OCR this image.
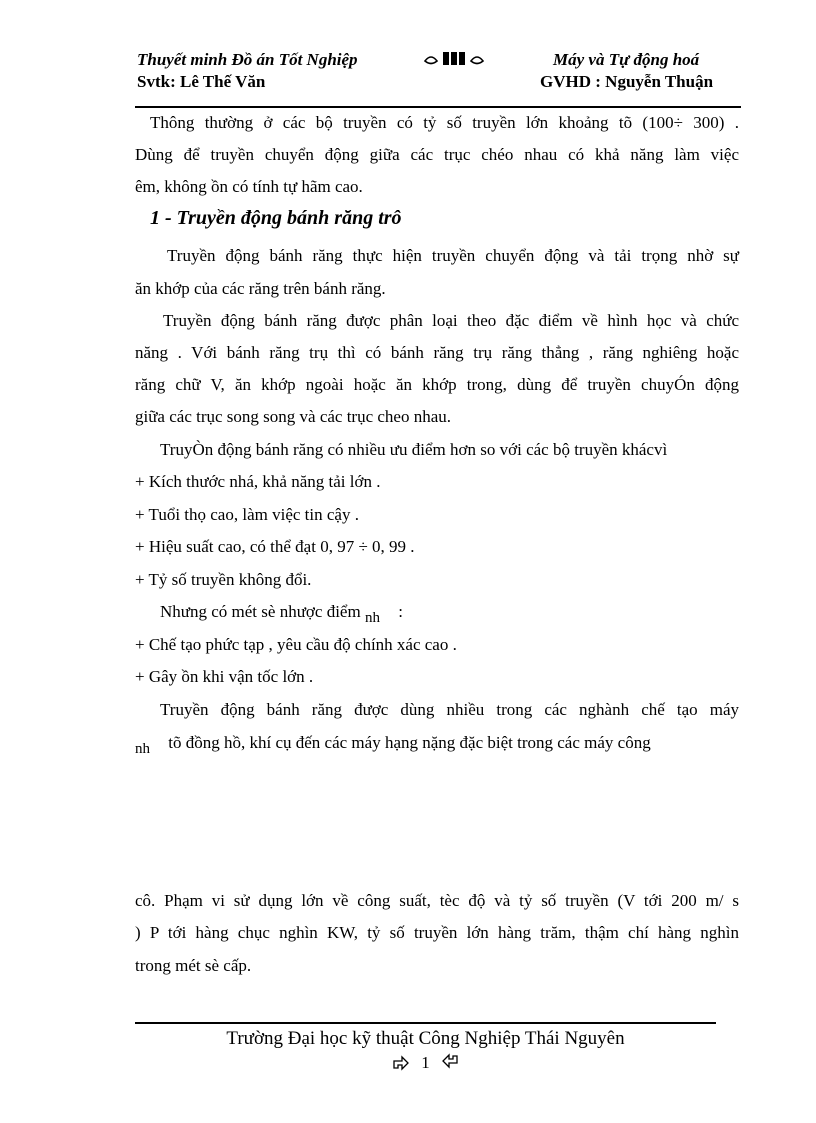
Thuyết minh Đồ án Tốt Nghiệp
Svtk: Lê Thế Văn
Máy và Tự động hoá
GVHD : Nguyễn Thuận
Thông thường ở các bộ truyền có tỷ số truyền lớn khoảng tõ (100÷ 300) .
Dùng để truyền chuyển động giữa các trục chéo nhau có khả năng làm việc
êm, không ồn có tính tự hãm cao.
1 - Truyền động bánh răng trô
Truyền động bánh răng thực hiện truyền chuyển động và tải trọng nhờ sự
ăn khớp của các răng trên bánh răng.
Truyền động bánh răng được phân loại theo đặc điểm về hình học và chức
năng . Với bánh răng trụ thì có bánh răng trụ răng thẳng , răng nghiêng hoặc
răng chữ V, ăn khớp ngoài hoặc ăn khớp trong, dùng để truyền chuyÓn động
giữa các trục song song và các trục cheo nhau.
TruyÒn động bánh răng có nhiều ưu điểm hơn so với các bộ truyền khácvì
+ Kích thước nhá, khả năng tải lớn .
+ Tuổi thọ cao, làm việc tin cậy .
+ Hiệu suất cao, có thể đạt 0, 97 ÷ 0, 99 .
+ Tỷ số truyền không đổi.
Nhưng có mét sè nhược điểm nh :
+ Chế tạo phức tạp , yêu cầu độ chính xác cao .
+ Gây ồn khi vận tốc lớn .
Truyền động bánh răng được dùng nhiều trong các nghành chế tạo máy
nh tõ đồng hồ, khí cụ đến các máy hạng nặng đặc biệt trong các máy công
cô. Phạm vi sử dụng lớn về công suất, tèc độ và tỷ số truyền (V tới 200 m/ s
) P tới hàng chục nghìn KW, tỷ số truyền lớn hàng trăm, thậm chí hàng nghìn
trong mét sè cấp.
Trường Đại học kỹ thuật Công Nghiệp Thái Nguyên
1
